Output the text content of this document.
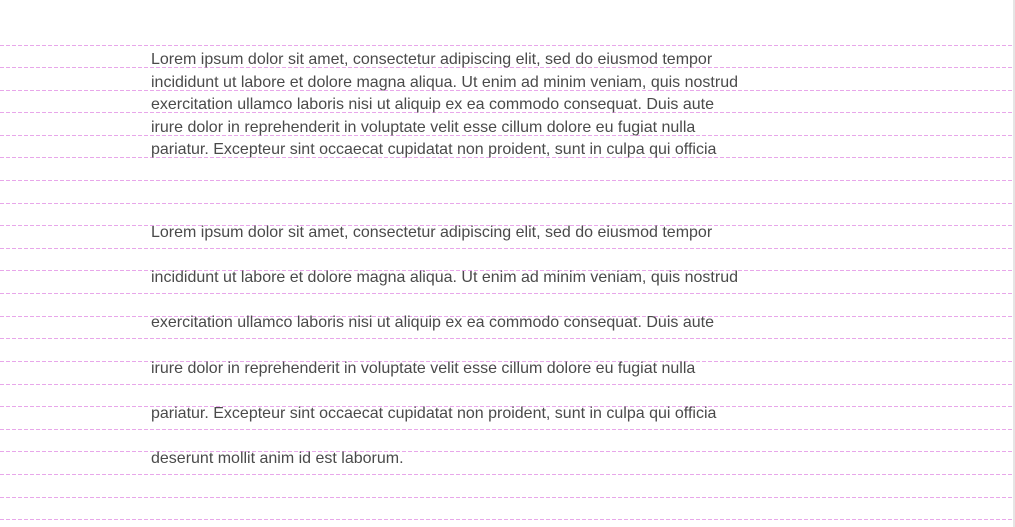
Lorem ipsum dolor sit amet, consectetur adipiscing elit, sed do eiusmod tempor
incididunt ut labore et dolore magna aliqua. Ut enim ad minim veniam, quis nostrud
exercitation ullamco laboris nisi ut aliquip ex ea commodo consequat. Duis aute
irure dolor in reprehenderit in voluptate velit esse cillum dolore eu fugiat nulla
pariatur. Excepteur sint occaecat cupidatat non proident, sunt in culpa qui officia

Lorem ipsum dolor sit amet, consectetur adipiscing elit, sed do eiusmod tempor
incididunt ut labore et dolore magna aliqua. Ut enim ad minim veniam, quis nostrud
exercitation ullamco laboris nisi ut aliquip ex ea commodo consequat. Duis aute
irure dolor in reprehenderit in voluptate velit esse cillum dolore eu fugiat nulla
pariatur. Excepteur sint occaecat cupidatat non proident, sunt in culpa qui officia
deserunt mollit anim id est laborum.
